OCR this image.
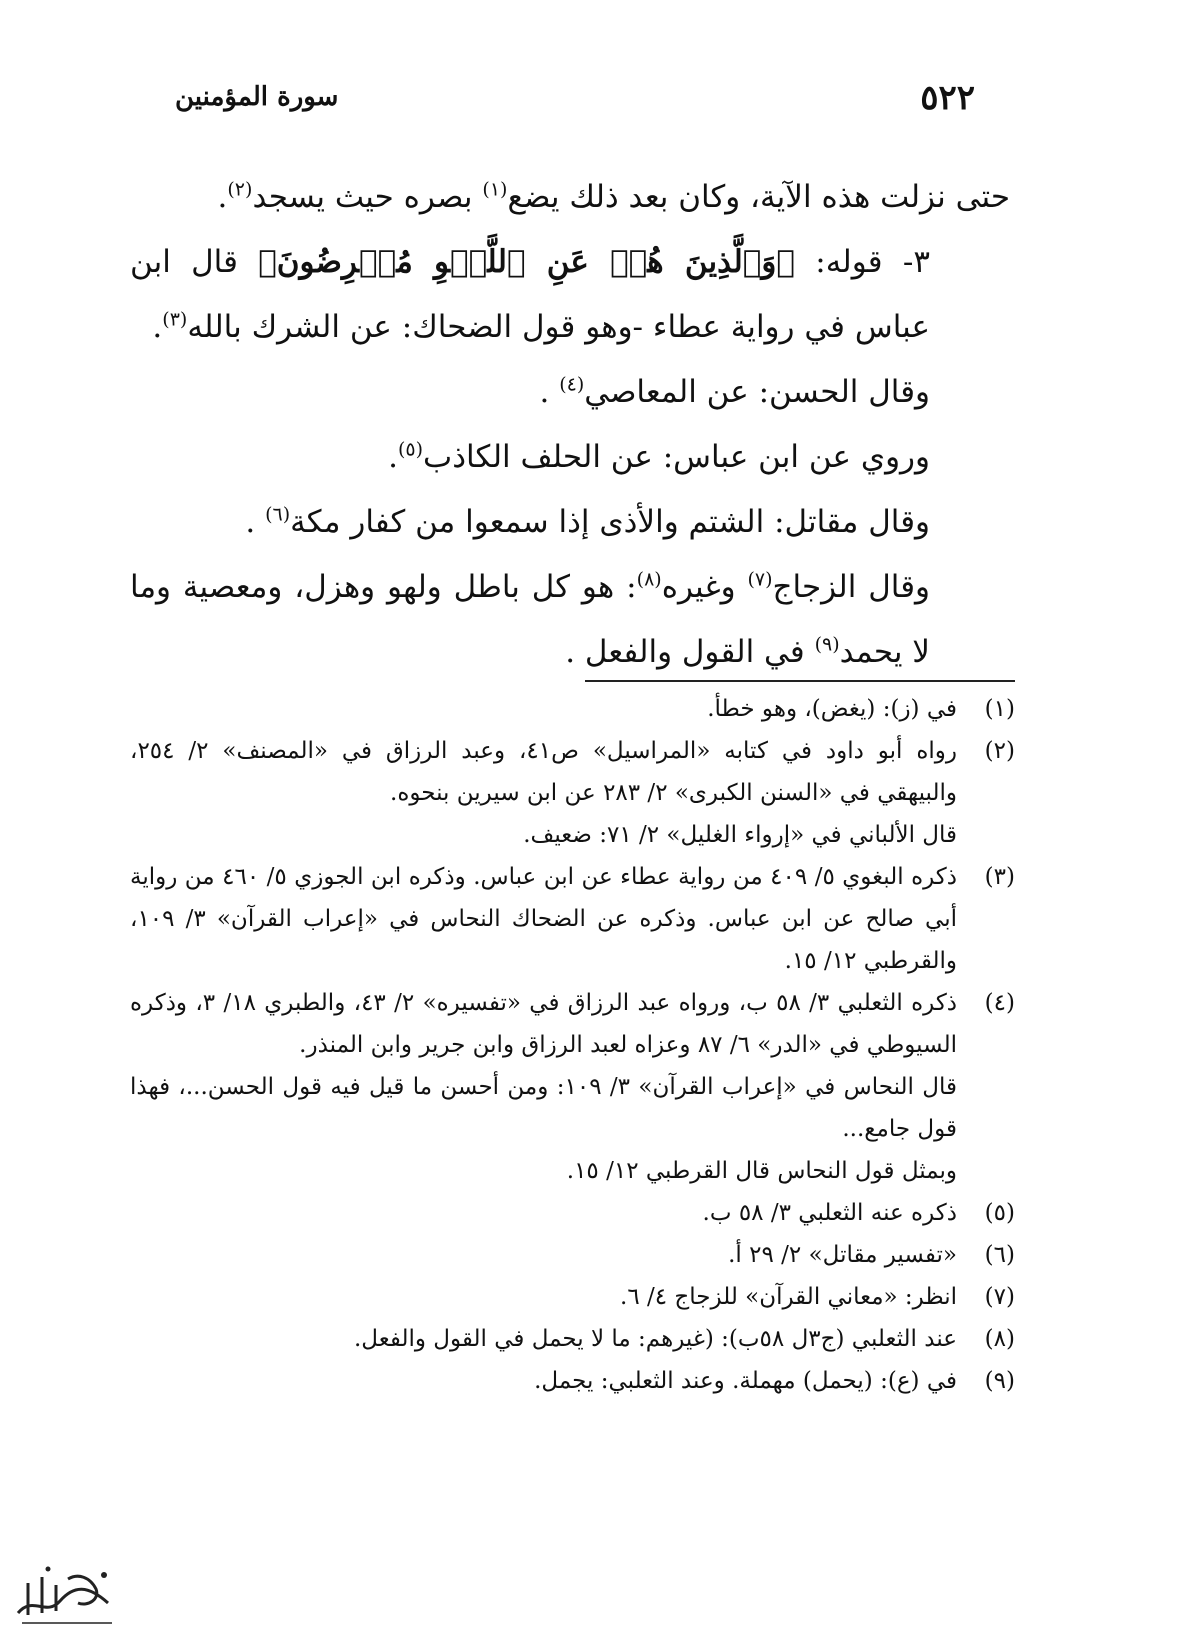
٥٢٢
سورة المؤمنين

حتى نزلت هذه الآية، وكان بعد ذلك يضع$^{(١)}$ بصره حيث يسجد$^{(٢)}$.

٣- قوله: ﴿وَٱلَّذِينَ هُمۡ عَنِ ٱللَّغۡوِ مُعۡرِضُونَ﴾ قال ابن عباس في رواية عطاء -وهو قول الضحاك: عن الشرك بالله$^{(٣)}$.

وقال الحسن: عن المعاصي$^{(٤)}$ .

وروي عن ابن عباس: عن الحلف الكاذب$^{(٥)}$.

وقال مقاتل: الشتم والأذى إذا سمعوا من كفار مكة$^{(٦)}$ .

وقال الزجاج$^{(٧)}$ وغيره$^{(٨)}$: هو كل باطل ولهو وهزل، ومعصية وما لا يحمد$^{(٩)}$ في القول والفعل .

(١)
في (ز): (يغض)، وهو خطأ.
(٢)
رواه أبو داود في كتابه «المراسيل» ص٤١، وعبد الرزاق في «المصنف» ٢/ ٢٥٤، والبيهقي في «السنن الكبرى» ٢/ ٢٨٣ عن ابن سيرين بنحوه.
قال الألباني في «إرواء الغليل» ٢/ ٧١: ضعيف.
(٣)
ذكره البغوي ٥/ ٤٠٩ من رواية عطاء عن ابن عباس. وذكره ابن الجوزي ٥/ ٤٦٠ من رواية أبي صالح عن ابن عباس. وذكره عن الضحاك النحاس في «إعراب القرآن» ٣/ ١٠٩، والقرطبي ١٢/ ١٥.
(٤)
ذكره الثعلبي ٣/ ٥٨ ب، ورواه عبد الرزاق في «تفسيره» ٢/ ٤٣، والطبري ١٨/ ٣، وذكره السيوطي في «الدر» ٦/ ٨٧ وعزاه لعبد الرزاق وابن جرير وابن المنذر.
قال النحاس في «إعراب القرآن» ٣/ ١٠٩: ومن أحسن ما قيل فيه قول الحسن...، فهذا قول جامع...
وبمثل قول النحاس قال القرطبي ١٢/ ١٥.
(٥)
ذكره عنه الثعلبي ٣/ ٥٨ ب.
(٦)
«تفسير مقاتل» ٢/ ٢٩ أ.
(٧)
انظر: «معاني القرآن» للزجاج ٤/ ٦.
(٨)
عند الثعلبي (ج٣ل ٥٨ب): (غيرهم: ما لا يحمل في القول والفعل.
(٩)
في (ع): (يحمل) مهملة. وعند الثعلبي: يجمل.
